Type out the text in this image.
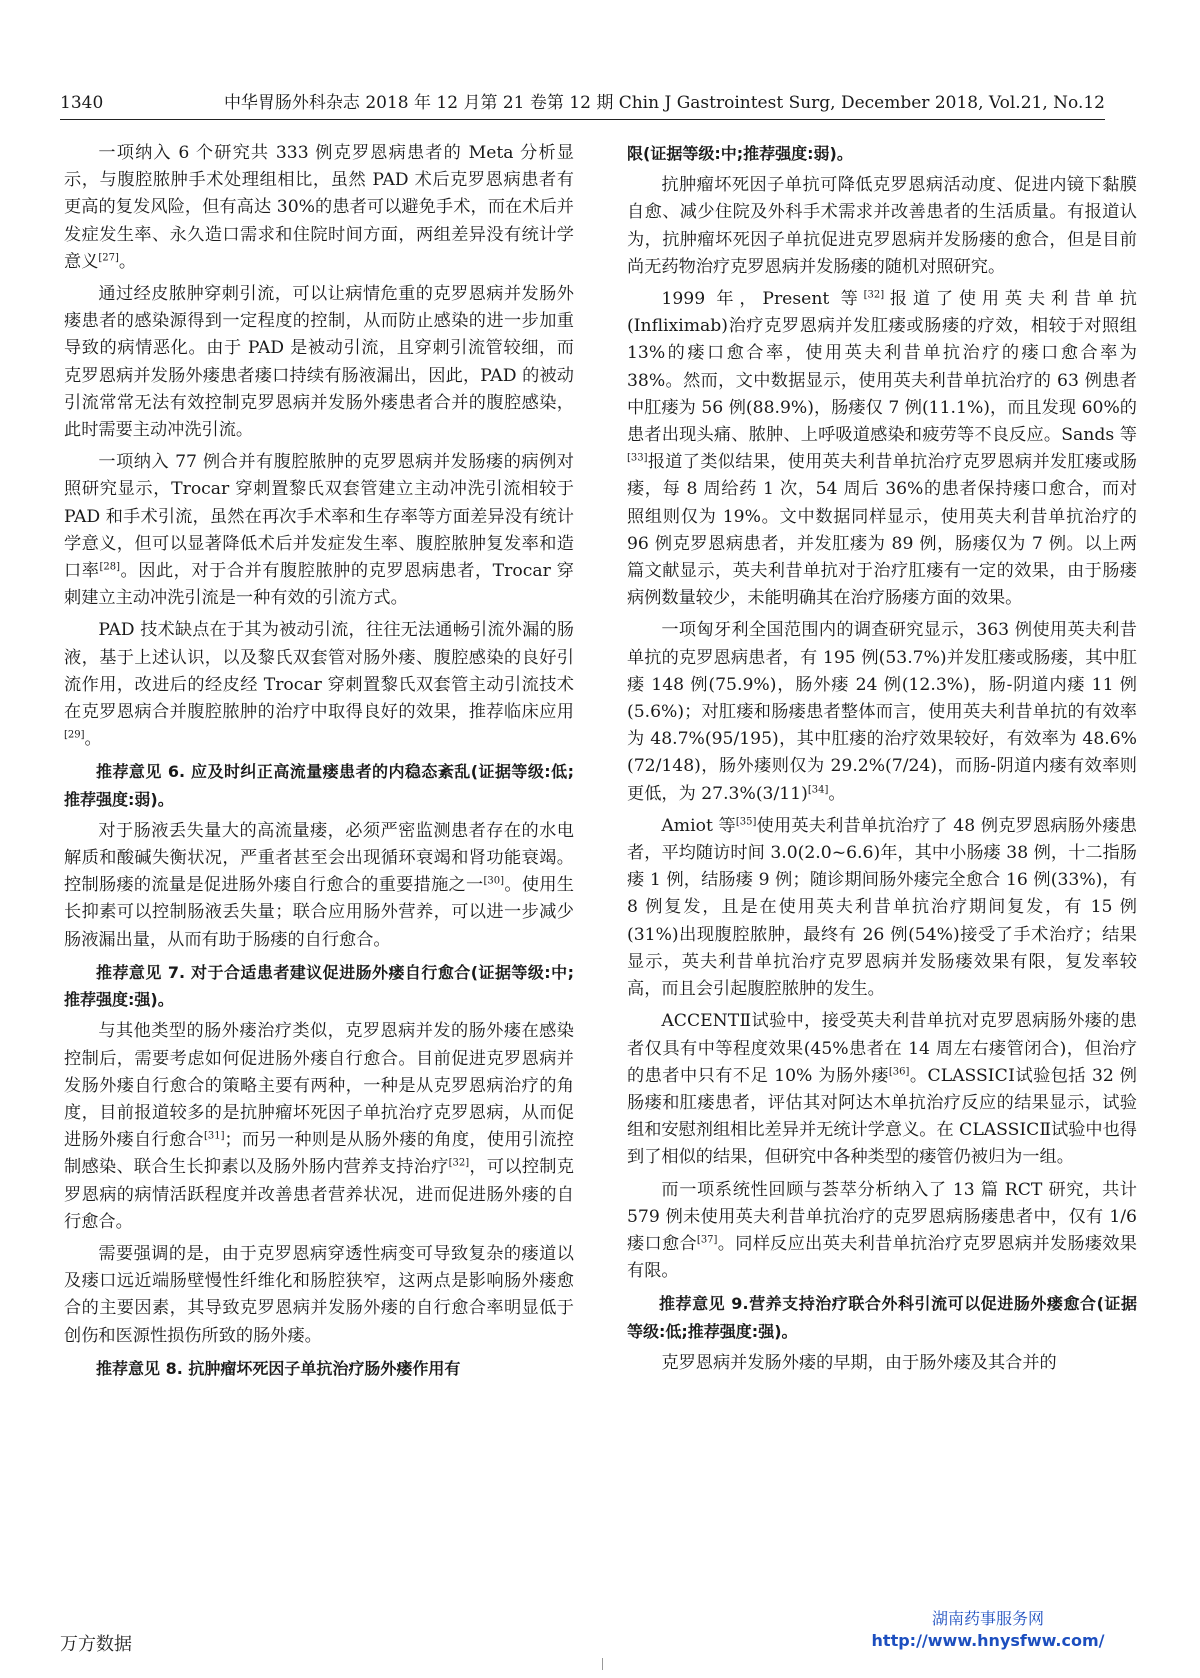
1340	中华胃肠外科杂志 2018 年 12 月第 21 卷第 12 期 Chin J Gastrointest Surg, December 2018, Vol.21, No.12

一项纳入 6 个研究共 333 例克罗恩病患者的 Meta 分析显示，与腹腔脓肿手术处理组相比，虽然 PAD 术后克罗恩病患者有更高的复发风险，但有高达 30%的患者可以避免手术，而在术后并发症发生率、永久造口需求和住院时间方面，两组差异没有统计学意义[27]。

通过经皮脓肿穿刺引流，可以让病情危重的克罗恩病并发肠外瘘患者的感染源得到一定程度的控制，从而防止感染的进一步加重导致的病情恶化。由于 PAD 是被动引流，且穿刺引流管较细，而克罗恩病并发肠外瘘患者瘘口持续有肠液漏出，因此，PAD 的被动引流常常无法有效控制克罗恩病并发肠外瘘患者合并的腹腔感染，此时需要主动冲洗引流。

一项纳入 77 例合并有腹腔脓肿的克罗恩病并发肠瘘的病例对照研究显示，Trocar 穿刺置黎氏双套管建立主动冲洗引流相较于 PAD 和手术引流，虽然在再次手术率和生存率等方面差异没有统计学意义，但可以显著降低术后并发症发生率、腹腔脓肿复发率和造口率[28]。因此，对于合并有腹腔脓肿的克罗恩病患者，Trocar 穿刺建立主动冲洗引流是一种有效的引流方式。

PAD 技术缺点在于其为被动引流，往往无法通畅引流外漏的肠液，基于上述认识，以及黎氏双套管对肠外瘘、腹腔感染的良好引流作用，改进后的经皮经 Trocar 穿刺置黎氏双套管主动引流技术在克罗恩病合并腹腔脓肿的治疗中取得良好的效果，推荐临床应用[29]。

推荐意见 6. 应及时纠正高流量瘘患者的内稳态紊乱(证据等级:低;推荐强度:弱)。

对于肠液丢失量大的高流量瘘，必须严密监测患者存在的水电解质和酸碱失衡状况，严重者甚至会出现循环衰竭和肾功能衰竭。控制肠瘘的流量是促进肠外瘘自行愈合的重要措施之一[30]。使用生长抑素可以控制肠液丢失量；联合应用肠外营养，可以进一步减少肠液漏出量，从而有助于肠瘘的自行愈合。

推荐意见 7. 对于合适患者建议促进肠外瘘自行愈合(证据等级:中;推荐强度:强)。

与其他类型的肠外瘘治疗类似，克罗恩病并发的肠外瘘在感染控制后，需要考虑如何促进肠外瘘自行愈合。目前促进克罗恩病并发肠外瘘自行愈合的策略主要有两种，一种是从克罗恩病治疗的角度，目前报道较多的是抗肿瘤坏死因子单抗治疗克罗恩病，从而促进肠外瘘自行愈合[31]；而另一种则是从肠外瘘的角度，使用引流控制感染、联合生长抑素以及肠外肠内营养支持治疗[32]，可以控制克罗恩病的病情活跃程度并改善患者营养状况，进而促进肠外瘘的自行愈合。

需要强调的是，由于克罗恩病穿透性病变可导致复杂的瘘道以及瘘口远近端肠壁慢性纤维化和肠腔狭窄，这两点是影响肠外瘘愈合的主要因素，其导致克罗恩病并发肠外瘘的自行愈合率明显低于创伤和医源性损伤所致的肠外瘘。

推荐意见 8. 抗肿瘤坏死因子单抗治疗肠外瘘作用有

限(证据等级:中;推荐强度:弱)。

抗肿瘤坏死因子单抗可降低克罗恩病活动度、促进内镜下黏膜自愈、减少住院及外科手术需求并改善患者的生活质量。有报道认为，抗肿瘤坏死因子单抗促进克罗恩病并发肠瘘的愈合，但是目前尚无药物治疗克罗恩病并发肠瘘的随机对照研究。

1999 年，Present 等[32]报道了使用英夫利昔单抗(Infliximab)治疗克罗恩病并发肛瘘或肠瘘的疗效，相较于对照组 13%的瘘口愈合率，使用英夫利昔单抗治疗的瘘口愈合率为 38%。然而，文中数据显示，使用英夫利昔单抗治疗的 63 例患者中肛瘘为 56 例(88.9%)，肠瘘仅 7 例(11.1%)，而且发现 60%的患者出现头痛、脓肿、上呼吸道感染和疲劳等不良反应。Sands 等[33]报道了类似结果，使用英夫利昔单抗治疗克罗恩病并发肛瘘或肠瘘，每 8 周给药 1 次，54 周后 36%的患者保持瘘口愈合，而对照组则仅为 19%。文中数据同样显示，使用英夫利昔单抗治疗的 96 例克罗恩病患者，并发肛瘘为 89 例，肠瘘仅为 7 例。以上两篇文献显示，英夫利昔单抗对于治疗肛瘘有一定的效果，由于肠瘘病例数量较少，未能明确其在治疗肠瘘方面的效果。

一项匈牙利全国范围内的调查研究显示，363 例使用英夫利昔单抗的克罗恩病患者，有 195 例(53.7%)并发肛瘘或肠瘘，其中肛瘘 148 例(75.9%)，肠外瘘 24 例(12.3%)，肠-阴道内瘘 11 例(5.6%)；对肛瘘和肠瘘患者整体而言，使用英夫利昔单抗的有效率为 48.7%(95/195)，其中肛瘘的治疗效果较好，有效率为 48.6%(72/148)，肠外瘘则仅为 29.2%(7/24)，而肠-阴道内瘘有效率则更低，为 27.3%(3/11)[34]。

Amiot 等[35]使用英夫利昔单抗治疗了 48 例克罗恩病肠外瘘患者，平均随访时间 3.0(2.0~6.6)年，其中小肠瘘 38 例，十二指肠瘘 1 例，结肠瘘 9 例；随诊期间肠外瘘完全愈合 16 例(33%)，有 8 例复发，且是在使用英夫利昔单抗治疗期间复发，有 15 例(31%)出现腹腔脓肿，最终有 26 例(54%)接受了手术治疗；结果显示，英夫利昔单抗治疗克罗恩病并发肠瘘效果有限，复发率较高，而且会引起腹腔脓肿的发生。

ACCENTⅡ试验中，接受英夫利昔单抗对克罗恩病肠外瘘的患者仅具有中等程度效果(45%患者在 14 周左右瘘管闭合)，但治疗的患者中只有不足 10% 为肠外瘘[36]。CLASSICⅠ试验包括 32 例肠瘘和肛瘘患者，评估其对阿达木单抗治疗反应的结果显示，试验组和安慰剂组相比差异并无统计学意义。在 CLASSICⅡ试验中也得到了相似的结果，但研究中各种类型的瘘管仍被归为一组。

而一项系统性回顾与荟萃分析纳入了 13 篇 RCT 研究，共计 579 例未使用英夫利昔单抗治疗的克罗恩病肠瘘患者中，仅有 1/6 瘘口愈合[37]。同样反应出英夫利昔单抗治疗克罗恩病并发肠瘘效果有限。

推荐意见 9.营养支持治疗联合外科引流可以促进肠外瘘愈合(证据等级:低;推荐强度:强)。

克罗恩病并发肠外瘘的早期，由于肠外瘘及其合并的

万方数据
湖南药事服务网
http://www.hnysfww.com/
